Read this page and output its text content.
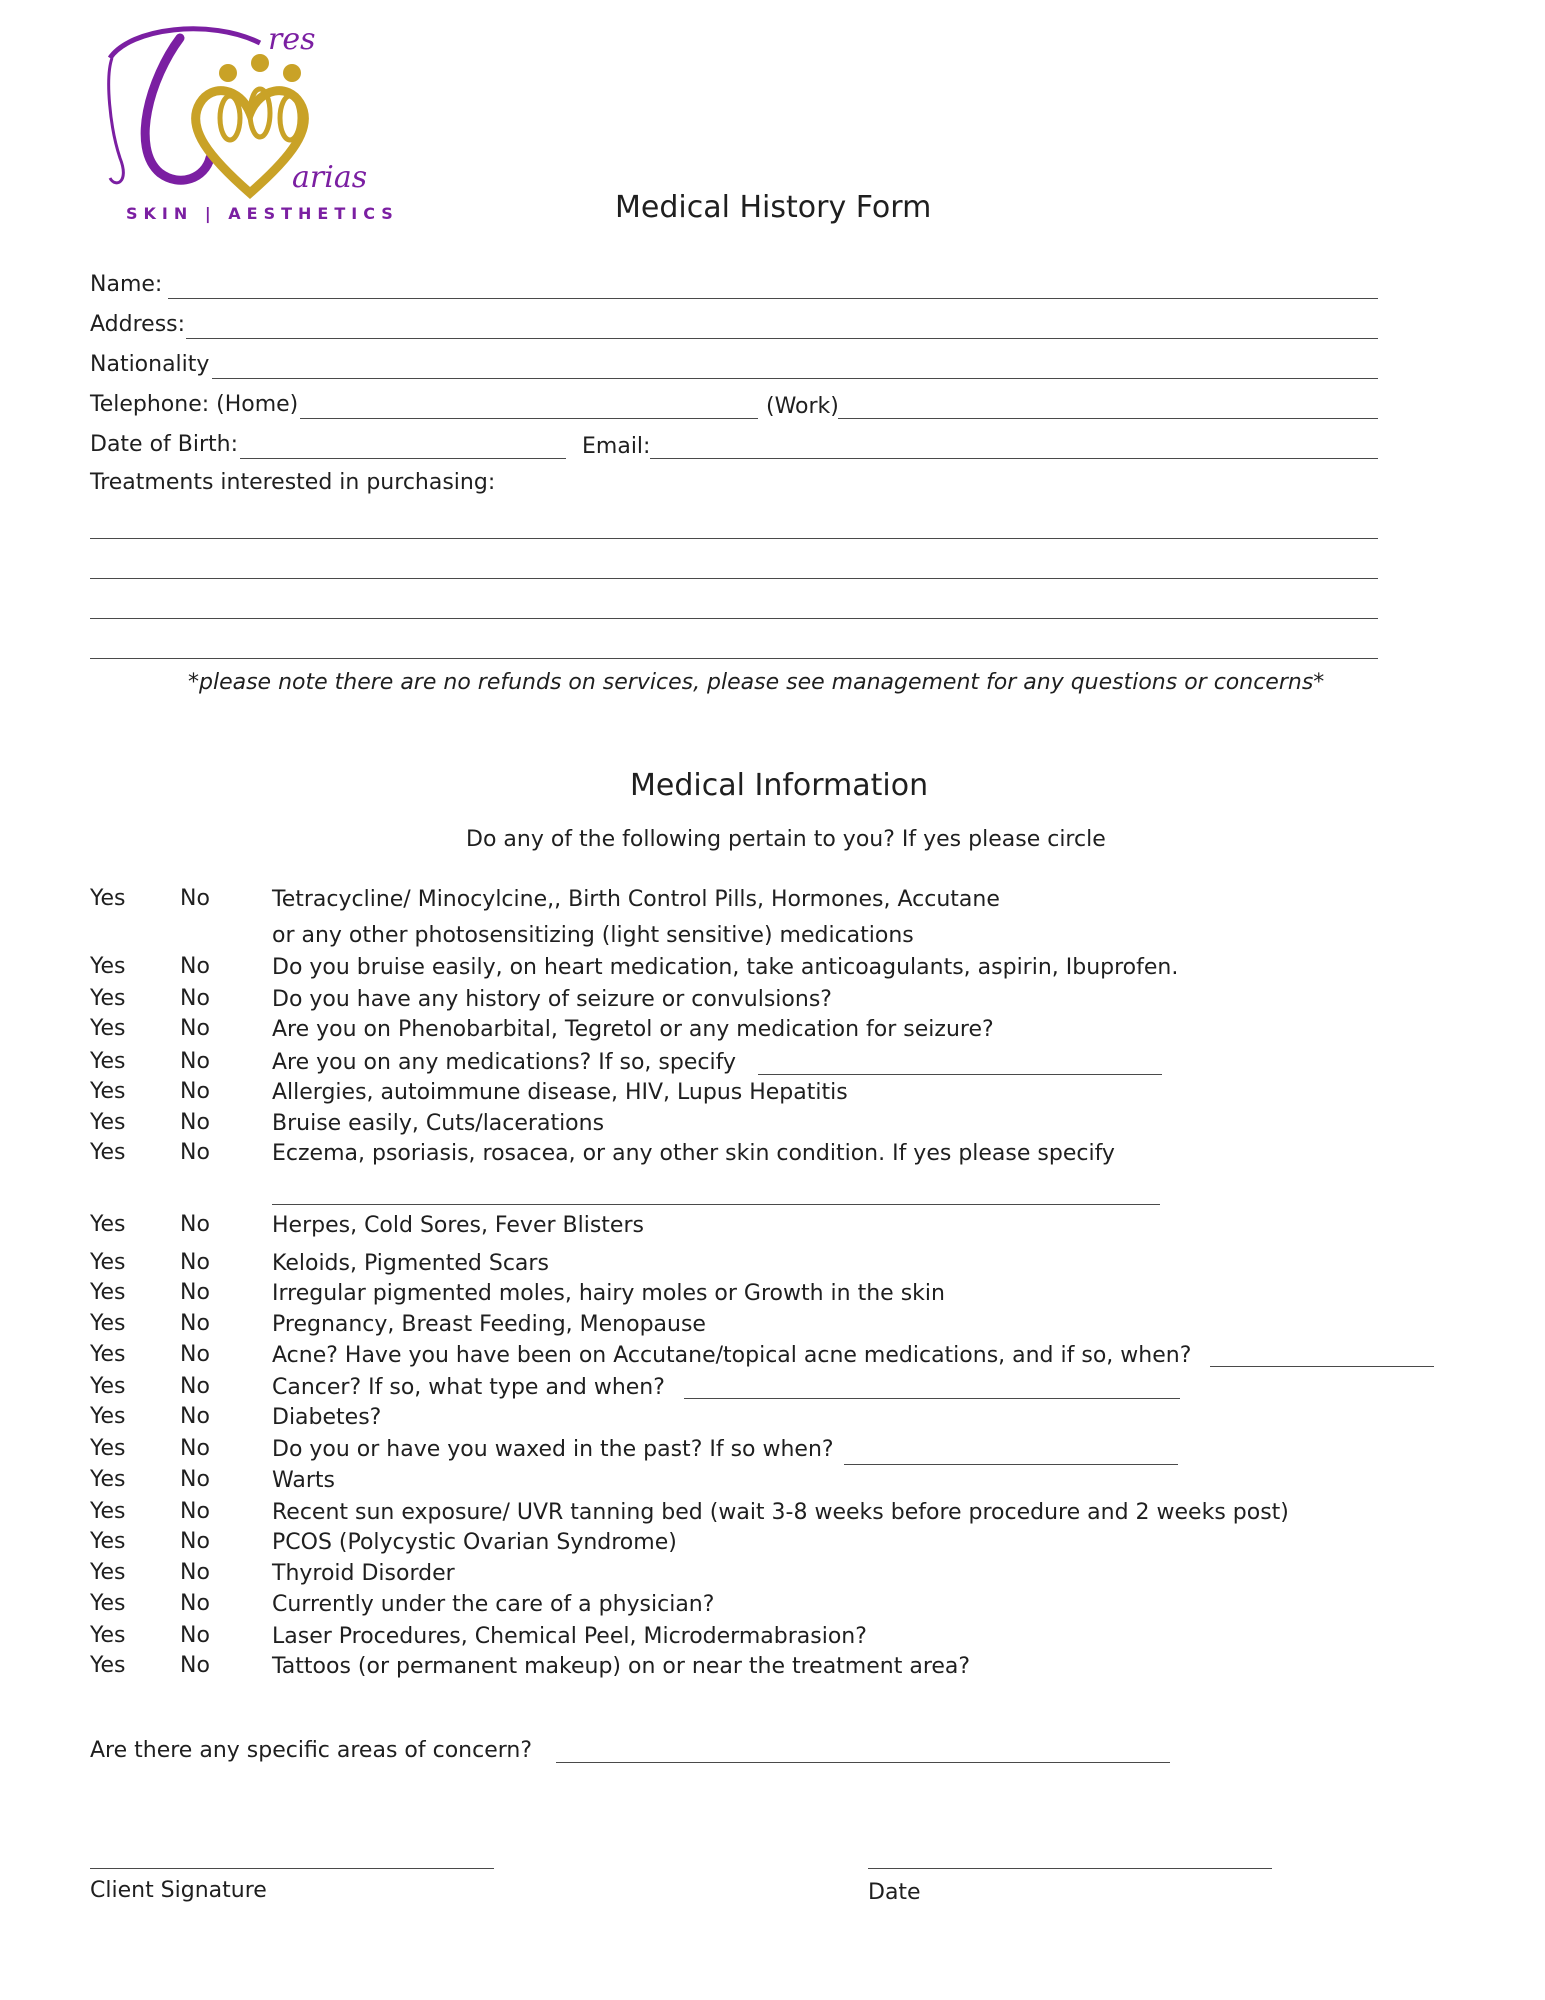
res
arias
SKIN | AESTHETICS	Medical History Form
Name:
Address:
Nationality
Telephone: (Home)	(Work)
Date of Birth:	Email:
Treatments interested in purchasing:
*please note there are no refunds on services, please see management for any questions or concerns*
Medical Information
Do any of the following pertain to you? If yes please circle
Yes No	Tetracycline/ Minocylcine,, Birth Control Pills, Hormones, Accutane
or any other photosensitizing (light sensitive) medications
Yes No	Do you bruise easily, on heart medication, take anticoagulants, aspirin, Ibuprofen.
Yes No	Do you have any history of seizure or convulsions?
Yes No	Are you on Phenobarbital, Tegretol or any medication for seizure?
Yes No	Are you on any medications? If so, specify
Yes No	Allergies, autoimmune disease, HIV, Lupus Hepatitis
Yes No	Bruise easily, Cuts/lacerations
Yes No	Eczema, psoriasis, rosacea, or any other skin condition. If yes please specify
Yes No	Herpes, Cold Sores, Fever Blisters
Yes No	Keloids, Pigmented Scars
Yes No	Irregular pigmented moles, hairy moles or Growth in the skin
Yes No	Pregnancy, Breast Feeding, Menopause
Yes No	Acne? Have you have been on Accutane/topical acne medications, and if so, when?
Yes No	Cancer? If so, what type and when?
Yes No	Diabetes?
Yes No	Do you or have you waxed in the past? If so when?
Yes No	Warts
Yes No	Recent sun exposure/ UVR tanning bed (wait 3-8 weeks before procedure and 2 weeks post)
Yes No	PCOS (Polycystic Ovarian Syndrome)
Yes No	Thyroid Disorder
Yes No	Currently under the care of a physician?
Yes No	Laser Procedures, Chemical Peel, Microdermabrasion?
Yes No	Tattoos (or permanent makeup) on or near the treatment area?
Are there any specific areas of concern?
Client Signature	Date
